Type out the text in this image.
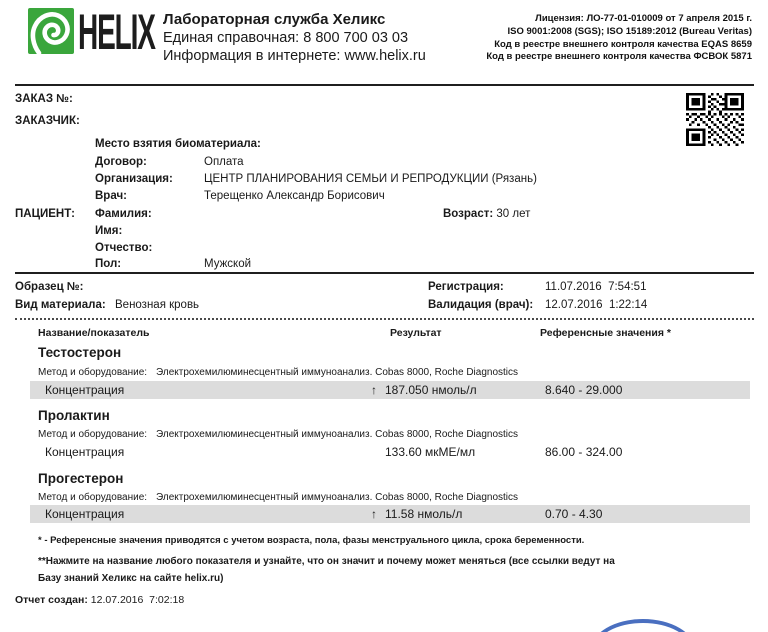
HELIX Лабораторная служба Хеликс
Единая справочная: 8 800 700 03 03
Информация в интернете: www.helix.ru
Лицензия: ЛО-77-01-010009 от 7 апреля 2015 г.
ISO 9001:2008 (SGS); ISO 15189:2012 (Bureau Veritas)
Код в реестре внешнего контроля качества EQAS 8659
Код в реестре внешнего контроля качества ФСВОК 5871
ЗАКАЗ №:
ЗАКАЗЧИК:
Место взятия биоматериала:
Договор:	Оплата
Организация:	ЦЕНТР ПЛАНИРОВАНИЯ СЕМЬИ И РЕПРОДУКЦИИ (Рязань)
Врач:	Терещенко Александр Борисович
ПАЦИЕНТ: Фамилия:	Возраст: 30 лет
Имя:
Отчество:
Пол:	Мужской
Образец №:	Регистрация:	11.07.2016  7:54:51
Вид материала: Венозная кровь	Валидация (врач): 12.07.2016  1:22:14
Название/показатель	Результат	Референсные значения *
Тестостерон
Метод и оборудование: Электрохемилюминесцентный иммуноанализ. Cobas 8000, Roche Diagnostics
Концентрация	↑ 187.050 нмоль/л	8.640 - 29.000
Пролактин
Метод и оборудование: Электрохемилюминесцентный иммуноанализ. Cobas 8000, Roche Diagnostics
Концентрация	133.60 мкМЕ/мл	86.00 - 324.00
Прогестерон
Метод и оборудование: Электрохемилюминесцентный иммуноанализ. Cobas 8000, Roche Diagnostics
Концентрация	↑ 11.58 нмоль/л	0.70 - 4.30
* - Референсные значения приводятся с учетом возраста, пола, фазы менструального цикла, срока беременности.
**Нажмите на название любого показателя и узнайте, что он значит и почему может меняться (все ссылки ведут на Базу знаний Хеликс на сайте helix.ru)
Отчет создан: 12.07.2016  7:02:18
